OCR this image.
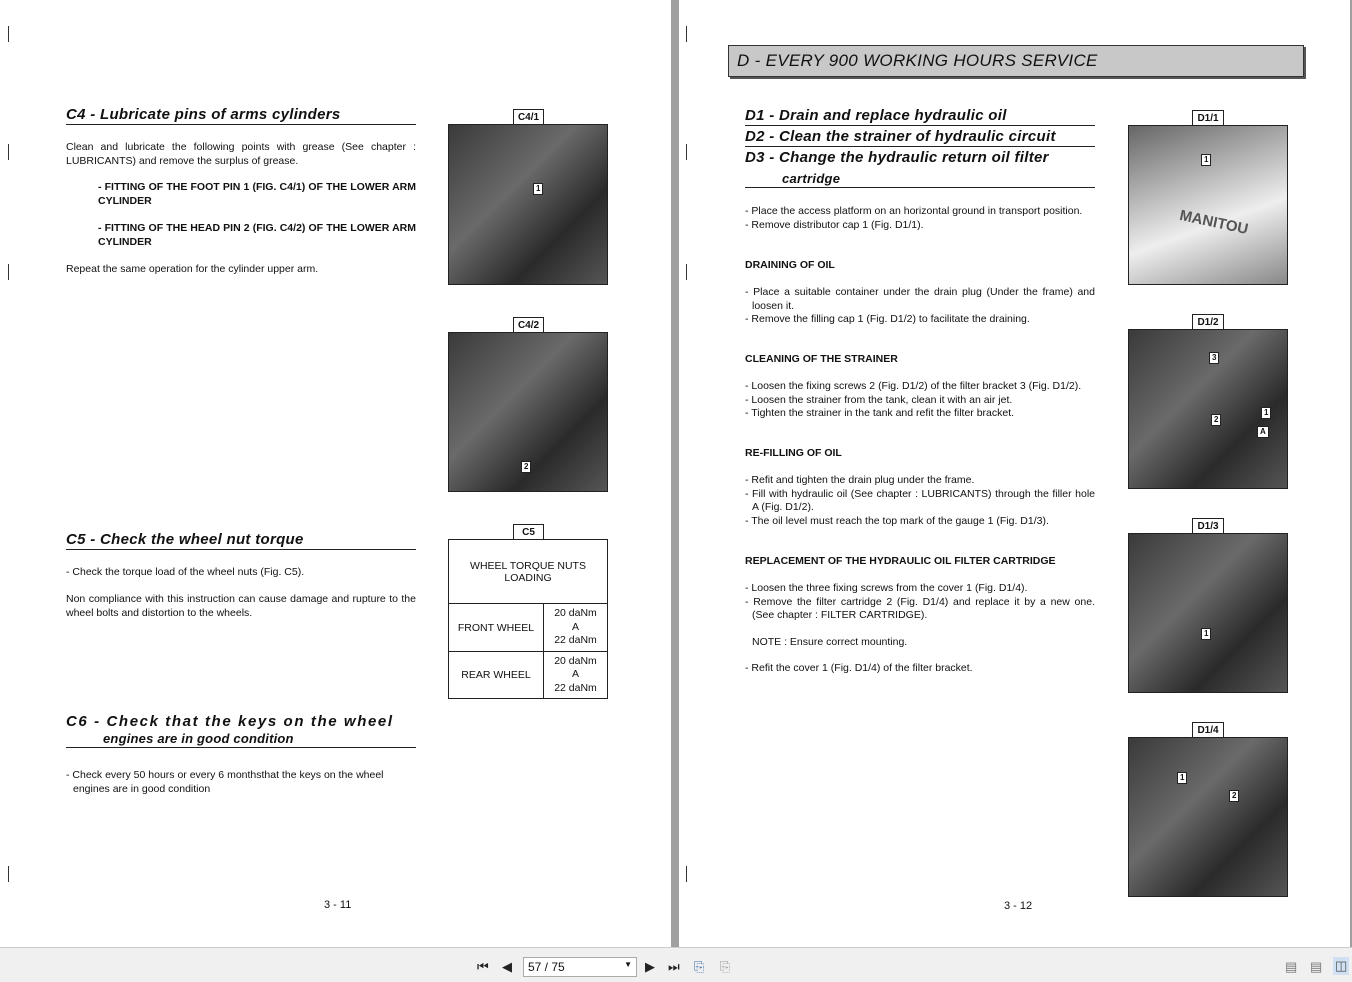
C4 - Lubricate pins of arms cylinders
Clean and lubricate the following points with grease (See chapter : LUBRICANTS) and remove the surplus of grease.
- FITTING OF THE FOOT PIN 1 (FIG. C4/1) OF THE LOWER ARM CYLINDER
- FITTING OF THE HEAD PIN 2 (FIG. C4/2) OF THE LOWER ARM CYLINDER
Repeat the same operation for the cylinder upper arm.
C4/1
1
C4/2
2
C5 - Check the wheel nut torque
- Check the torque load of the wheel nuts (Fig. C5).
Non compliance with this instruction can cause damage and rupture to the wheel bolts and distortion to the wheels.
C5
WHEEL TORQUE NUTS LOADING	
FRONT WHEEL	20 daNm
A
22 daNm

REAR WHEEL	20 daNm
A
22 daNm
C6 - Check that the keys on the wheel
engines are in good condition
- Check every 50 hours or every 6 monthsthat the keys on the wheel engines are in good condition
3 - 11
D - EVERY 900 WORKING HOURS SERVICE
D1 - Drain and replace hydraulic oil
D2 - Clean the strainer of hydraulic circuit
D3 - Change the hydraulic return oil filter
cartridge
- Place the access platform on an horizontal ground in transport position.
- Remove distributor cap 1 (Fig. D1/1).
DRAINING OF OIL
- Place a suitable container under the drain plug (Under the frame) and loosen it.
- Remove the filling cap 1 (Fig. D1/2) to facilitate the draining.
CLEANING OF THE STRAINER
- Loosen the fixing screws 2 (Fig. D1/2) of the filter bracket 3 (Fig. D1/2).
- Loosen the strainer from the tank, clean it with an air jet.
- Tighten the strainer in the tank and refit the filter bracket.
RE-FILLING OF OIL
- Refit and tighten the drain plug under the frame.
- Fill with hydraulic oil (See chapter : LUBRICANTS) through the filler hole A (Fig. D1/2).
- The oil level must reach the top mark of the gauge 1 (Fig. D1/3).
REPLACEMENT OF THE HYDRAULIC OIL FILTER CARTRIDGE
- Loosen the three fixing screws from the cover 1 (Fig. D1/4).
- Remove the filter cartridge 2 (Fig. D1/4) and replace it by a new one. (See chapter : FILTER CARTRIDGE).
NOTE : Ensure correct mounting.
- Refit the cover 1 (Fig. D1/4) of the filter bracket.
D1/1
1
MANITOU
D1/2
3
2
1
A
D1/3
1
D1/4
1
2
3 - 12
⏮ ◀	57 / 75	▼ ▶ ⏭ ⎘ ⎘	▤ ▤ ◫
